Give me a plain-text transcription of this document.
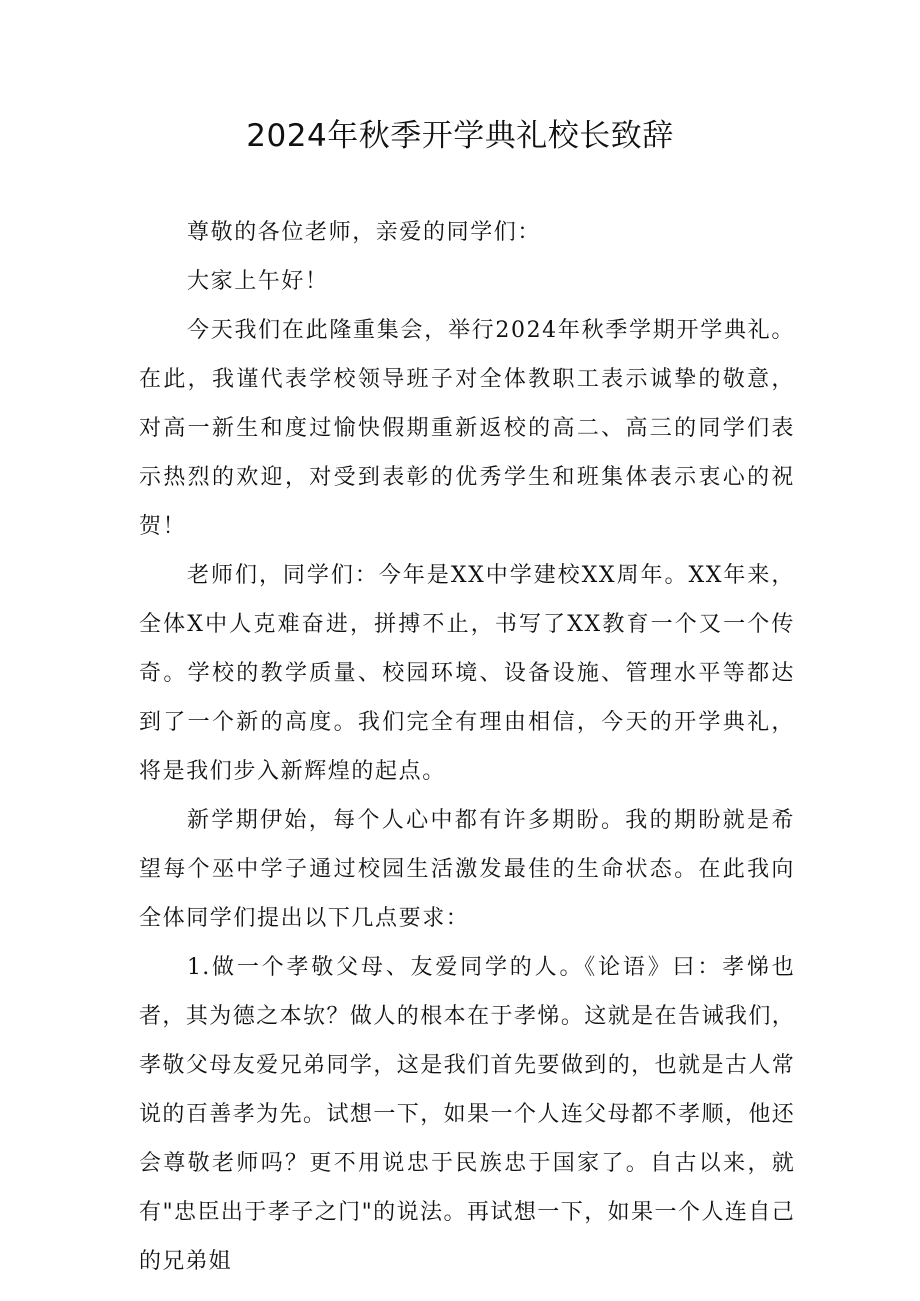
2024年秋季开学典礼校长致辞

尊敬的各位老师，亲爱的同学们：

大家上午好！

今天我们在此隆重集会，举行2024年秋季学期开学典礼。在此，我谨代表学校领导班子对全体教职工表示诚挚的敬意，对高一新生和度过愉快假期重新返校的高二、高三的同学们表示热烈的欢迎，对受到表彰的优秀学生和班集体表示衷心的祝贺！

老师们，同学们：今年是XX中学建校XX周年。XX年来，全体X中人克难奋进，拼搏不止，书写了XX教育一个又一个传奇。学校的教学质量、校园环境、设备设施、管理水平等都达到了一个新的高度。我们完全有理由相信，今天的开学典礼，将是我们步入新辉煌的起点。

新学期伊始，每个人心中都有许多期盼。我的期盼就是希望每个巫中学子通过校园生活激发最佳的生命状态。在此我向全体同学们提出以下几点要求：

1.做一个孝敬父母、友爱同学的人。《论语》曰：孝悌也者，其为德之本欤？做人的根本在于孝悌。这就是在告诫我们，孝敬父母友爱兄弟同学，这是我们首先要做到的，也就是古人常说的百善孝为先。试想一下，如果一个人连父母都不孝顺，他还会尊敬老师吗？更不用说忠于民族忠于国家了。自古以来，就有"忠臣出于孝子之门"的说法。再试想一下，如果一个人连自己的兄弟姐
